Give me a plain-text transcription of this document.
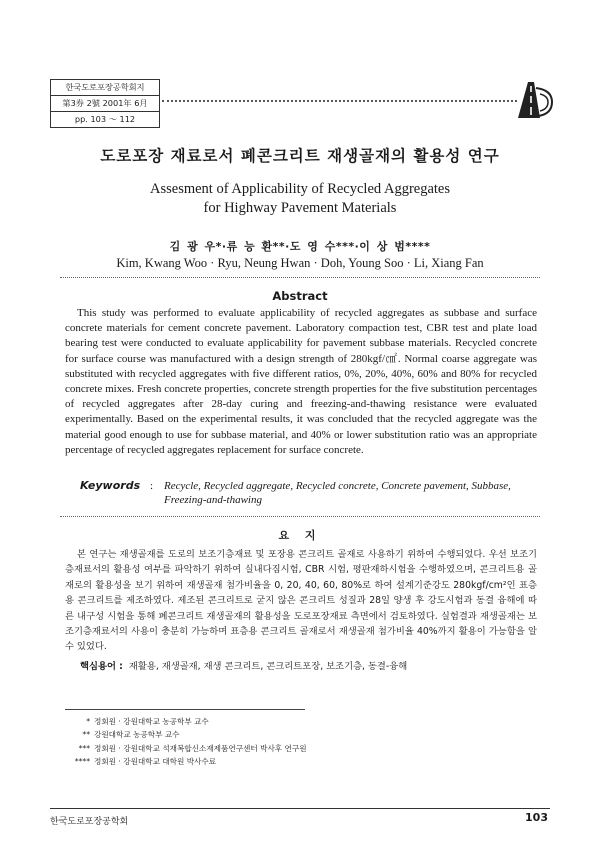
한국도로포장공학회지
第3券 2號 2001年 6月
pp. 103 ～ 112
도로포장 재료로서 폐콘크리트 재생골재의 활용성 연구
Assesment of Applicability of Recycled Aggregates
for Highway Pavement Materials
김 광 우*·류 능 환**·도 영 수***·이 상 범****
Kim, Kwang Woo · Ryu, Neung Hwan · Doh, Young Soo · Li, Xiang Fan
Abstract
This study was performed to evaluate applicability of recycled aggregates as subbase and surface concrete materials for cement concrete pavement. Laboratory compaction test, CBR test and plate load bearing test were conducted to evaluate applicability for pavement subbase materials. Recycled concrete for surface course was manufactured with a design strength of 280kgf/㎠. Normal coarse aggregate was substituted with recycled aggregates with five different ratios, 0%, 20%, 40%, 60% and 80% for recycled concrete mixes. Fresh concrete properties, concrete strength properties for the five substitution percentages of recycled aggregates after 28-day curing and freezing-and-thawing resistance were evaluated experimentally. Based on the experimental results, it was concluded that the recycled aggregate was the material good enough to use for subbase material, and 40% or lower substitution ratio was an appropriate percentage of recycled aggregates replacement for surface concrete.
Keywords : Recycle, Recycled aggregate, Recycled concrete, Concrete pavement, Subbase, Freezing-and-thawing
요 지
본 연구는 재생골재를 도로의 보조기층재료 및 포장용 콘크리트 골재로 사용하기 위하여 수행되었다. 우선 보조기층재료서의 활용성 여부를 파악하기 위하여 실내다짐시험, CBR 시험, 평판재하시험을 수행하였으며, 콘크리트용 골재로의 활용성을 보기 위하여 재생골재 첨가비율을 0, 20, 40, 60, 80%로 하여 설계기준강도 280kgf/cm²인 표층용 콘크리트를 제조하였다. 제조된 콘크리트로 굳지 않은 콘크리트 성질과 28일 양생 후 강도시험과 동결 융해에 따른 내구성 시험을 통해 폐콘크리트 재생골재의 활용성을 도로포장재료 측면에서 검토하였다. 실험결과 재생골재는 보조기층재료서의 사용이 충분히 가능하며 표층용 콘크리트 골재로서 재생골재 첨가비율 40%까지 활용이 가능함을 알 수 있었다.
핵심용어 : 재활용, 재생골재, 재생 콘크리트, 콘크리트포장, 보조기층, 동결-융해
* 정회원 · 강원대학교 농공학부 교수
** 강원대학교 농공학부 교수
*** 정회원 · 강원대학교 석재복합신소재제품연구센터 박사후 연구원
**** 정회원 · 강원대학교 대학원 박사수료
한국도로포장공학회	103
